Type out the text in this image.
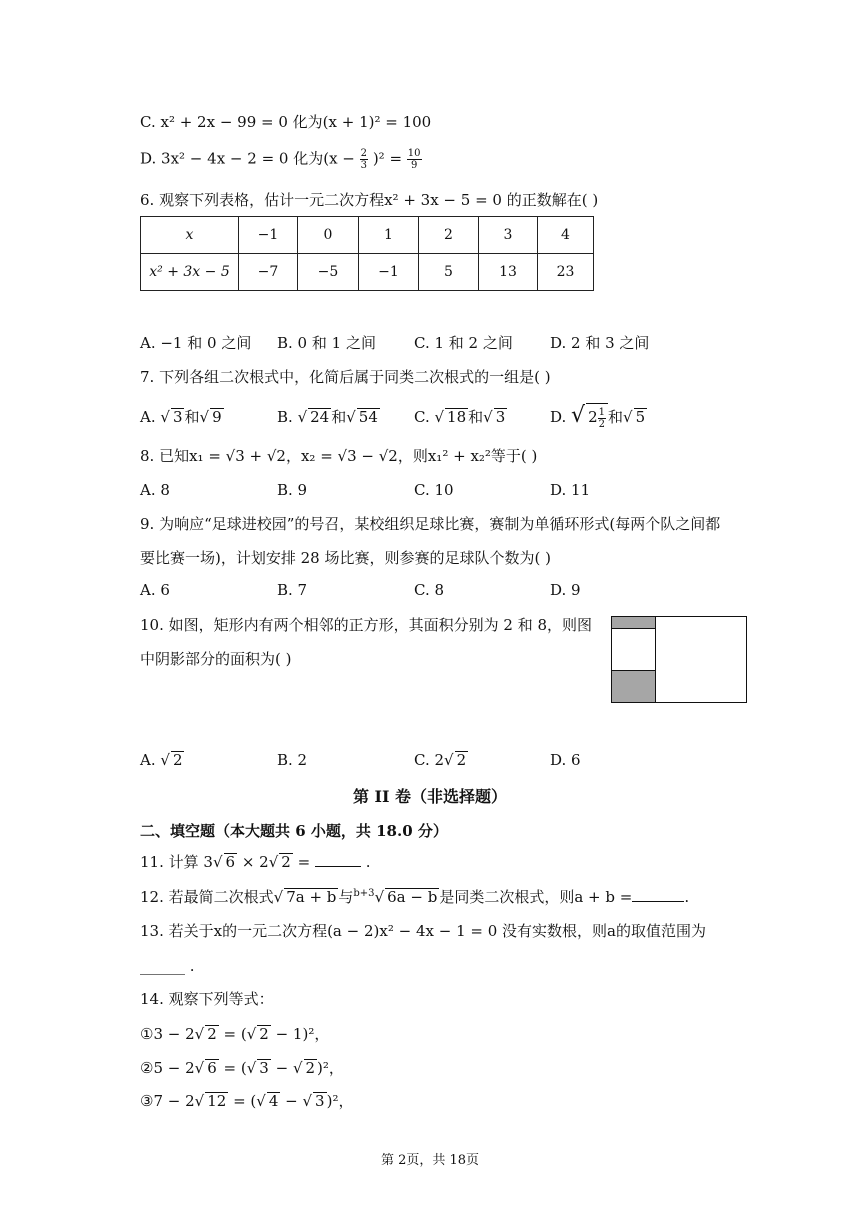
C. x² + 2x − 99 = 0 化为(x + 1)² = 100
D. 3x² − 4x − 2 = 0 化为$(x - \frac{2}{3} )^2 = \frac{10}{9}$
6. 观察下列表格，估计一元二次方程x² + 3x − 5 = 0 的正数解在( )
x	−1	0	1	2	3	4
x² + 3x − 5	−7	−5	−1	5	13	23
A. −1 和 0 之间 B. 0 和 1 之间	C. 1 和 2 之间 D. 2 和 3 之间
7. 下列各组二次根式中，化简后属于同类二次根式的一组是( )
A. √ 3 和√ 9	B. √ 24 和√ 54 C. √ 18 和√ 3	D. √ $2 \frac{1}{2}$ 和√ 5
8. 已知x₁ = √3 + √2，x₂ = √3 − √2，则x₁² + x₂²等于( )
A. 8	B. 9	C. 10	D. 11
9. 为响应“足球进校园”的号召，某校组织足球比赛，赛制为单循环形式(每两个队之间都
要比赛一场)，计划安排 28 场比赛，则参赛的足球队个数为( )
A. 6	B. 7	C. 8	D. 9
10. 如图，矩形内有两个相邻的正方形，其面积分别为 2 和 8，则图
中阴影部分的面积为( )
A. √ 2	B. 2	C. 2√ 2	D. 6
第 II 卷（非选择题）
二、填空题（本大题共 6 小题，共 18.0 分）
11. 计算 3√ 6 × 2√ 2 =	.
12. 若最简二次根式√ 7a + b 与$^{b+3}$√ 6a − b 是同类二次根式，则a + b =	.
13. 若关于x的一元二次方程(a − 2)x² − 4x − 1 = 0 没有实数根，则a的取值范围为
______ .
14. 观察下列等式：
①3 − 2√ 2 = (√ 2 − 1)²，
②5 − 2√ 6 = (√ 3 − √ 2 )²，
③7 − 2√ 12 = (√ 4 − √ 3 )²，
第 2页，共 18页
